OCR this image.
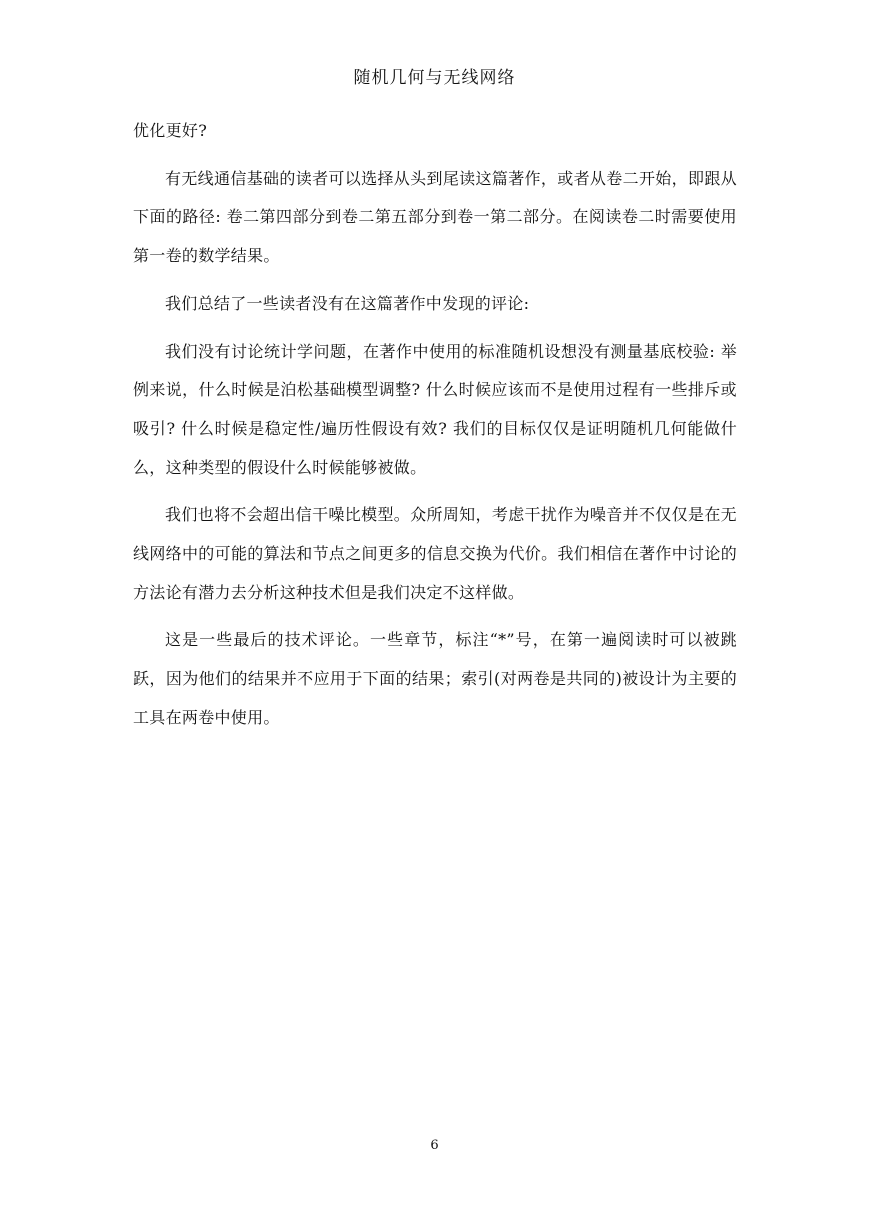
随机几何与无线网络

优化更好?

有无线通信基础的读者可以选择从头到尾读这篇著作，或者从卷二开始，即跟从下面的路径: 卷二第四部分到卷二第五部分到卷一第二部分。在阅读卷二时需要使用第一卷的数学结果。

我们总结了一些读者没有在这篇著作中发现的评论:

我们没有讨论统计学问题，在著作中使用的标准随机设想没有测量基底校验: 举例来说，什么时候是泊松基础模型调整? 什么时候应该而不是使用过程有一些排斥或吸引? 什么时候是稳定性/遍历性假设有效? 我们的目标仅仅是证明随机几何能做什么，这种类型的假设什么时候能够被做。

我们也将不会超出信干噪比模型。众所周知，考虑干扰作为噪音并不仅仅是在无线网络中的可能的算法和节点之间更多的信息交换为代价。我们相信在著作中讨论的方法论有潜力去分析这种技术但是我们决定不这样做。

这是一些最后的技术评论。一些章节，标注“*”号，在第一遍阅读时可以被跳跃，因为他们的结果并不应用于下面的结果；索引(对两卷是共同的)被设计为主要的工具在两卷中使用。

6
